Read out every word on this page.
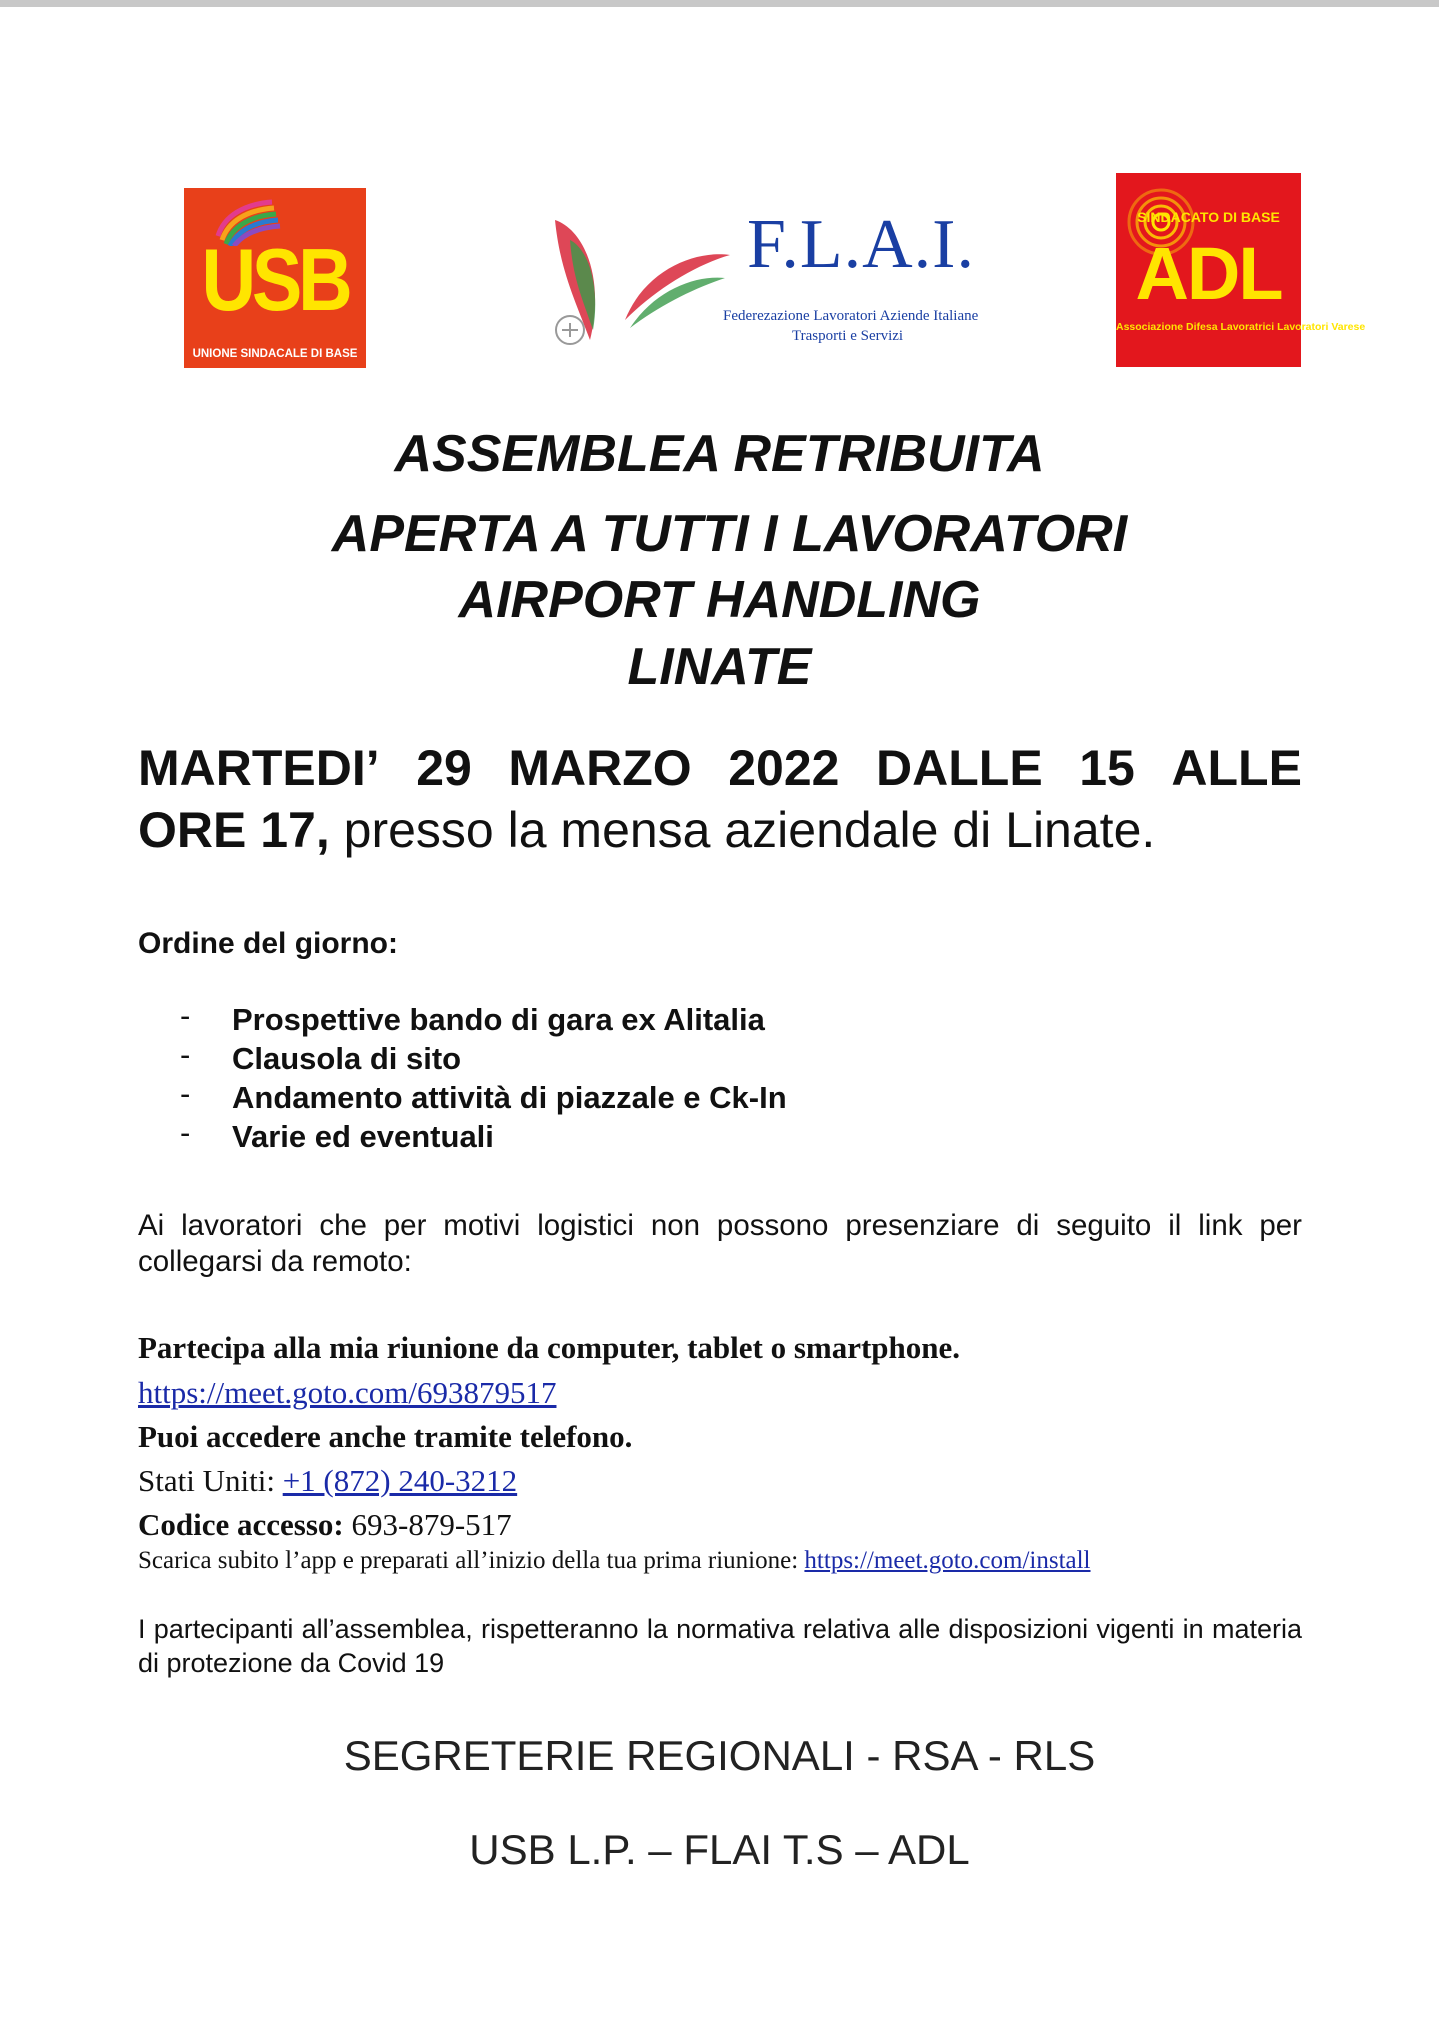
USB
UNIONE SINDACALE DI BASE
F.L.A.I.
Federezazione Lavoratori Aziende Italiane
Trasporti e Servizi
SINDACATO DI BASE
ADL
Associazione Difesa Lavoratrici Lavoratori Varese
ASSEMBLEA RETRIBUITA
APERTA A TUTTI I LAVORATORI
AIRPORT HANDLING
LINATE
MARTEDI’ 29 MARZO 2022 DALLE 15 ALLE
ORE 17, presso la mensa aziendale di Linate.
Ordine del giorno:
- Prospettive bando di gara ex Alitalia
- Clausola di sito
- Andamento attività di piazzale e Ck-In
- Varie ed eventuali
Ai lavoratori che per motivi logistici non possono presenziare di seguito il link per collegarsi da remoto:
Partecipa alla mia riunione da computer, tablet o smartphone.
https://meet.goto.com/693879517
Puoi accedere anche tramite telefono.
Stati Uniti: +1 (872) 240-3212
Codice accesso: 693-879-517
Scarica subito l’app e preparati all’inizio della tua prima riunione: https://meet.goto.com/install
I partecipanti all’assemblea, rispetteranno la normativa relativa alle disposizioni vigenti in materia di protezione da Covid 19
SEGRETERIE REGIONALI - RSA - RLS
USB L.P. – FLAI T.S – ADL
